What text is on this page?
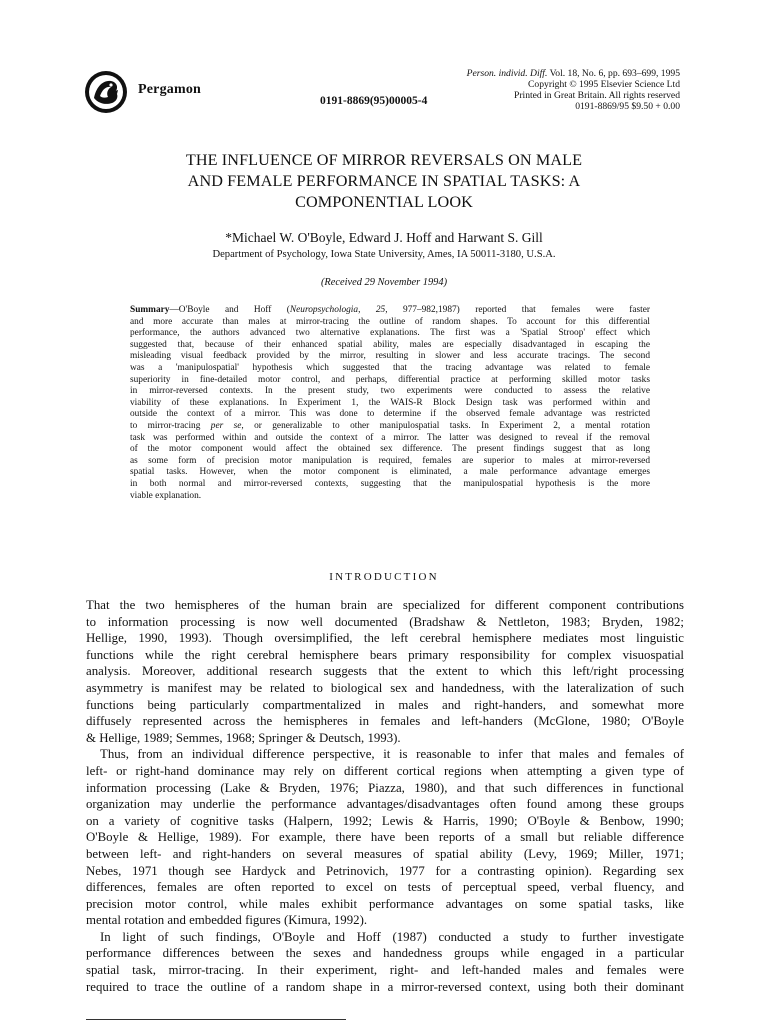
Pergamon
0191-8869(95)00005-4
Person. individ. Diff. Vol. 18, No. 6, pp. 693–699, 1995
Copyright © 1995 Elsevier Science Ltd
Printed in Great Britain. All rights reserved
0191-8869/95 $9.50 + 0.00
THE INFLUENCE OF MIRROR REVERSALS ON MALE
AND FEMALE PERFORMANCE IN SPATIAL TASKS: A
COMPONENTIAL LOOK
*Michael W. O'Boyle, Edward J. Hoff and Harwant S. Gill
Department of Psychology, Iowa State University, Ames, IA 50011-3180, U.S.A.
(Received 29 November 1994)
Summary—O'Boyle and Hoff (Neuropsychologia, 25, 977–982,1987) reported that females were faster
and more accurate than males at mirror-tracing the outline of random shapes. To account for this differential
performance, the authors advanced two alternative explanations. The first was a 'Spatial Stroop' effect which
suggested that, because of their enhanced spatial ability, males are especially disadvantaged in escaping the
misleading visual feedback provided by the mirror, resulting in slower and less accurate tracings. The second
was a 'manipulospatial' hypothesis which suggested that the tracing advantage was related to female
superiority in fine-detailed motor control, and perhaps, differential practice at performing skilled motor tasks
in mirror-reversed contexts. In the present study, two experiments were conducted to assess the relative
viability of these explanations. In Experiment 1, the WAIS-R Block Design task was performed within and
outside the context of a mirror. This was done to determine if the observed female advantage was restricted
to mirror-tracing per se, or generalizable to other manipulospatial tasks. In Experiment 2, a mental rotation
task was performed within and outside the context of a mirror. The latter was designed to reveal if the removal
of the motor component would affect the obtained sex difference. The present findings suggest that as long
as some form of precision motor manipulation is required, females are superior to males at mirror-reversed
spatial tasks. However, when the motor component is eliminated, a male performance advantage emerges
in both normal and mirror-reversed contexts, suggesting that the manipulospatial hypothesis is the more
viable explanation.
INTRODUCTION
That the two hemispheres of the human brain are specialized for different component contributions
to information processing is now well documented (Bradshaw & Nettleton, 1983; Bryden, 1982;
Hellige, 1990, 1993). Though oversimplified, the left cerebral hemisphere mediates most linguistic
functions while the right cerebral hemisphere bears primary responsibility for complex visuospatial
analysis. Moreover, additional research suggests that the extent to which this left/right processing
asymmetry is manifest may be related to biological sex and handedness, with the lateralization of such
functions being particularly compartmentalized in males and right-handers, and somewhat more
diffusely represented across the hemispheres in females and left-handers (McGlone, 1980; O'Boyle
& Hellige, 1989; Semmes, 1968; Springer & Deutsch, 1993).
Thus, from an individual difference perspective, it is reasonable to infer that males and females of
left- or right-hand dominance may rely on different cortical regions when attempting a given type of
information processing (Lake & Bryden, 1976; Piazza, 1980), and that such differences in functional
organization may underlie the performance advantages/disadvantages often found among these groups
on a variety of cognitive tasks (Halpern, 1992; Lewis & Harris, 1990; O'Boyle & Benbow, 1990;
O'Boyle & Hellige, 1989). For example, there have been reports of a small but reliable difference
between left- and right-handers on several measures of spatial ability (Levy, 1969; Miller, 1971;
Nebes, 1971 though see Hardyck and Petrinovich, 1977 for a contrasting opinion). Regarding sex
differences, females are often reported to excel on tests of perceptual speed, verbal fluency, and
precision motor control, while males exhibit performance advantages on some spatial tasks, like
mental rotation and embedded figures (Kimura, 1992).
In light of such findings, O'Boyle and Hoff (1987) conducted a study to further investigate
performance differences between the sexes and handedness groups while engaged in a particular
spatial task, mirror-tracing. In their experiment, right- and left-handed males and females were
required to trace the outline of a random shape in a mirror-reversed context, using both their dominant
